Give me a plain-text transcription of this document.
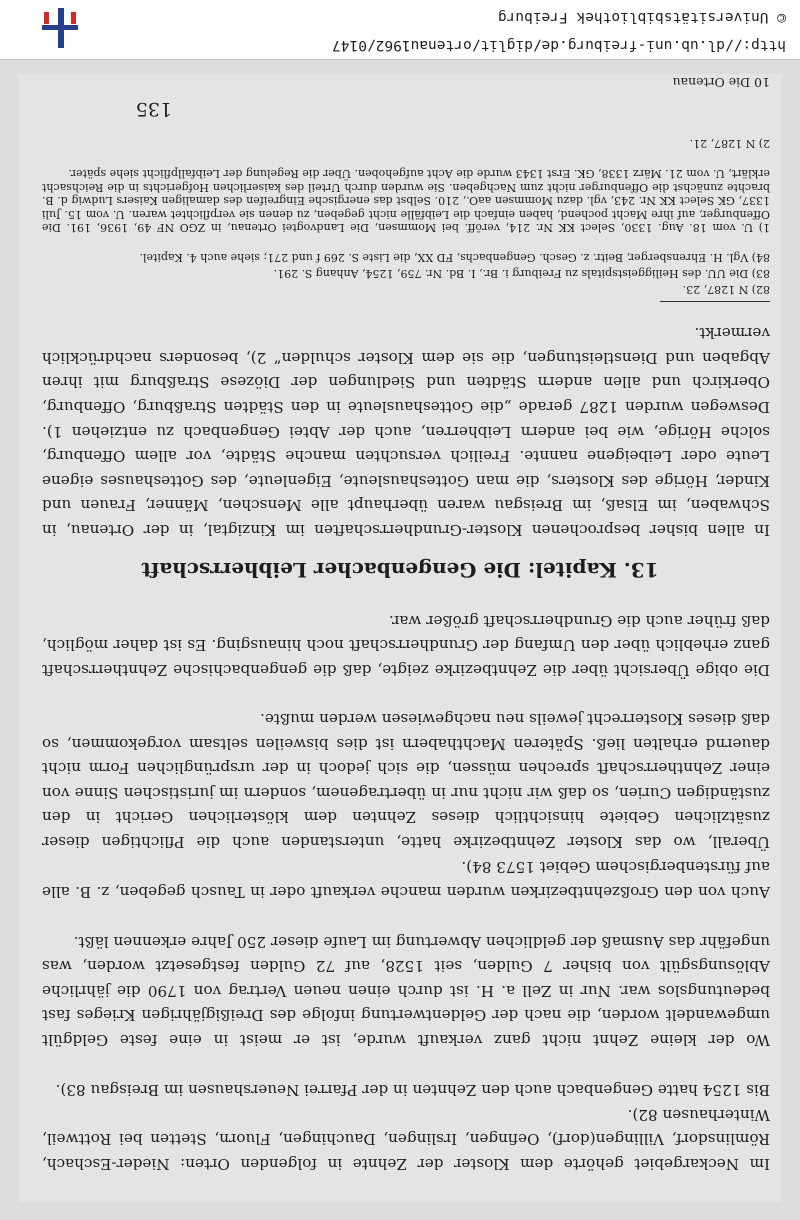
Im Neckargebiet gehörte dem Kloster der Zehnte in folgenden Orten: Nieder-Eschach, Römlinsdorf, Villingen(dorf), Oefingen, Irslingen, Dauchingen, Fluorn, Stetten bei Rottweil, Winterhausen 82).

Bis 1254 hatte Gengenbach auch den Zehnten in der Pfarrei Neuershausen im Breisgau 83).

Wo der kleine Zehnt nicht ganz verkauft wurde, ist er meist in eine feste Geldgült umgewandelt worden, die nach der Geldentwertung infolge des Dreißigjährigen Krieges fast bedeutungslos war. Nur in Zell a. H. ist durch einen neuen Vertrag von 1790 die jährliche Ablösungsgült von bisher 7 Gulden, seit 1528, auf 72 Gulden festgesetzt worden, was ungefähr das Ausmaß der geldlichen Abwertung im Laufe dieser 250 Jahre erkennen läßt.

Auch von den Großzehntbezirken wurden manche verkauft oder in Tausch gegeben, z. B. alle auf fürstenbergischem Gebiet 1573 84).

Überall, wo das Kloster Zehntbezirke hatte, unterstanden auch die Pflichtigen dieser zusätzlichen Gebiete hinsichtlich dieses Zehnten dem klösterlichen Gericht in den zuständigen Curien, so daß wir nicht nur in übertragenem, sondern im juristischen Sinne von einer Zehntherrschaft sprechen müssen, die sich jedoch in der ursprünglichen Form nicht dauernd erhalten ließ. Späteren Machthabern ist dies bisweilen seltsam vorgekommen, so daß dieses Klosterrecht jeweils neu nachgewiesen werden mußte.

Die obige Übersicht über die Zehntbezirke zeigte, daß die gengenbachische Zehntherrschaft ganz erheblich über den Umfang der Grundherrschaft noch hinausging. Es ist daher möglich, daß früher auch die Grundherrschaft größer war.

13. Kapitel: Die Gengenbacher Leibherrschaft

In allen bisher besprochenen Kloster-Grundherrschaften im Kinzigtal, in der Ortenau, in Schwaben, im Elsaß, im Breisgau waren überhaupt alle Menschen, Männer, Frauen und Kinder, Hörige des Klosters, die man Gotteshausleute, Eigenleute, des Gotteshauses eigene Leute oder Leibeigene nannte. Freilich versuchten manche Städte, vor allem Offenburg, solche Hörige, wie bei andern Leibherren, auch der Abtei Gengenbach zu entziehen 1). Deswegen wurden 1287 gerade „die Gotteshausleute in den Städten Straßburg, Offenburg, Oberkirch und allen andern Städten und Siedlungen der Diözese Straßburg mit ihren Abgaben und Dienstleistungen, die sie dem Kloster schulden“ 2), besonders nachdrücklich vermerkt.

82) N 1287, 23.

83) Die UU. des Heiliggeistspitals zu Freiburg i. Br., I. Bd. Nr. 759, 1254, Anhang S. 291.

84) Vgl. H. Ehrensberger, Beitr. z. Gesch. Gengenbachs, FD XX, die Liste S. 269 f und 271; siehe auch 4. Kapitel.

1) U. vom 18. Aug. 1330, Select KK Nr. 214, veröff. bei Mommsen, Die Landvogtei Ortenau, in ZGO NF 49, 1936, 191. Die Offenburger, auf ihre Macht pochend, haben einfach die Leibfälle nicht gegeben, zu denen sie verpflichtet waren. U. vom 15. Juli 1337, GK Select KK Nr. 243, vgl. dazu Mommsen aaO., 210. Selbst das energische Eingreifen des damaligen Kaisers Ludwig d. B. brachte zunächst die Offenburger nicht zum Nachgeben. Sie wurden durch Urteil des kaiserlichen Hofgerichts in die Reichsacht erklärt, U. vom 21. März 1338, GK. Erst 1343 wurde die Acht aufgehoben. Über die Regelung der Leibfallpflicht siehe später.

2) N 1287, 21.

135
10 Die Ortenau
http://dl.ub.uni-freiburg.de/diglit/ortenau1962/0147
© Universitätsbibliothek Freiburg
